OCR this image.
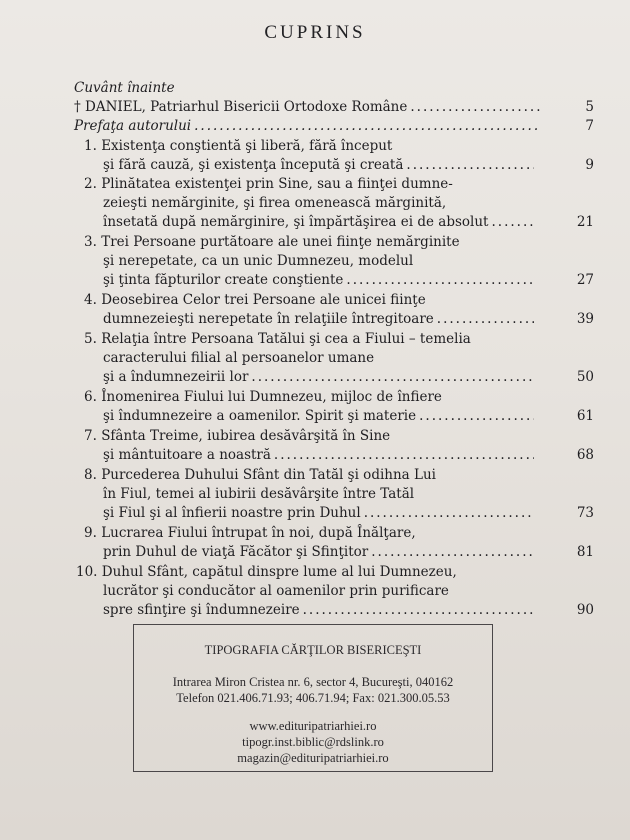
CUPRINS
Cuvânt înainte
† DANIEL, Patriarhul Bisericii Ortodoxe Române .....	5
Prefaţa autorului .....	7
1. Existenţa conştientă şi liberă, fără început
şi fără cauză, şi existenţa începută şi creată .....	9
2. Plinătatea existenţei prin Sine, sau a fiinţei dumne-
zeieşti nemărginite, şi firea omenească mărginită,
însetată după nemărginire, şi împărtăşirea ei de absolut .....	21
3. Trei Persoane purtătoare ale unei fiinţe nemărginite
şi nerepetate, ca un unic Dumnezeu, modelul
şi ţinta făpturilor create conştiente .....	27
4. Deosebirea Celor trei Persoane ale unicei fiinţe
dumnezeieşti nerepetate în relaţiile întregitoare .....	39
5. Relaţia între Persoana Tatălui şi cea a Fiului – temelia
caracterului filial al persoanelor umane
şi a îndumnezeirii lor .....	50
6. Înomenirea Fiului lui Dumnezeu, mijloc de înfiere
şi îndumnezeire a oamenilor. Spirit şi materie .....	61
7. Sfânta Treime, iubirea desăvârşită în Sine
şi mântuitoare a noastră .....	68
8. Purcederea Duhului Sfânt din Tatăl şi odihna Lui
în Fiul, temei al iubirii desăvârşite între Tatăl
şi Fiul şi al înfierii noastre prin Duhul .....	73
9. Lucrarea Fiului întrupat în noi, după Înălţare,
prin Duhul de viaţă Făcător şi Sfinţitor .....	81
10. Duhul Sfânt, capătul dinspre lume al lui Dumnezeu,
lucrător şi conducător al oamenilor prin purificare
spre sfinţire şi îndumnezeire .....	90
TIPOGRAFIA CĂRŢILOR BISERICEŞTI
Intrarea Miron Cristea nr. 6, sector 4, Bucureşti, 040162
Telefon 021.406.71.93; 406.71.94; Fax: 021.300.05.53
www.edituripatriarhiei.ro
tipogr.inst.biblic@rdslink.ro
magazin@edituripatriarhiei.ro
